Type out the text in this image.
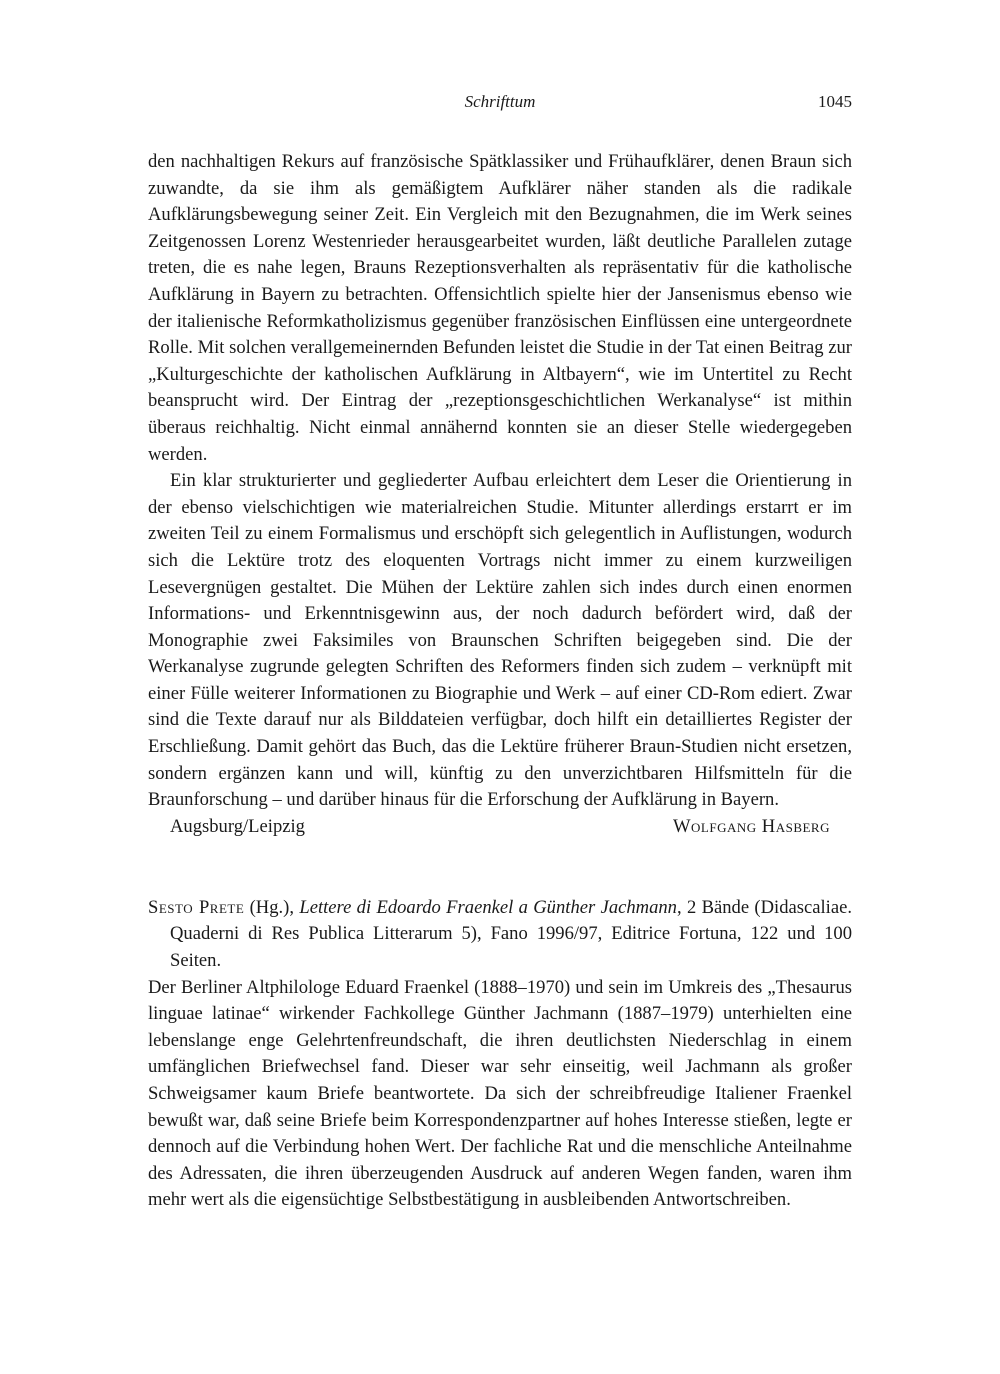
Schrifttum	1045

den nachhaltigen Rekurs auf französische Spätklassiker und Frühaufklärer, denen Braun sich zuwandte, da sie ihm als gemäßigtem Aufklärer näher standen als die radikale Aufklärungsbewegung seiner Zeit. Ein Vergleich mit den Bezugnahmen, die im Werk seines Zeitgenossen Lorenz Westenrieder herausgearbeitet wurden, läßt deutliche Parallelen zutage treten, die es nahe legen, Brauns Rezeptionsverhalten als repräsentativ für die katholische Aufklärung in Bayern zu betrachten. Offensichtlich spielte hier der Jansenismus ebenso wie der italienische Reformkatholizismus gegenüber französischen Einflüssen eine untergeordnete Rolle. Mit solchen verallgemeinernden Befunden leistet die Studie in der Tat einen Beitrag zur „Kulturgeschichte der katholischen Aufklärung in Altbayern“, wie im Untertitel zu Recht beansprucht wird. Der Eintrag der „rezeptionsgeschichtlichen Werkanalyse“ ist mithin überaus reichhaltig. Nicht einmal annähernd konnten sie an dieser Stelle wiedergegeben werden.

Ein klar strukturierter und gegliederter Aufbau erleichtert dem Leser die Orientierung in der ebenso vielschichtigen wie materialreichen Studie. Mitunter allerdings erstarrt er im zweiten Teil zu einem Formalismus und erschöpft sich gelegentlich in Auflistungen, wodurch sich die Lektüre trotz des eloquenten Vortrags nicht immer zu einem kurzweiligen Lesevergnügen gestaltet. Die Mühen der Lektüre zahlen sich indes durch einen enormen Informations- und Erkenntnisgewinn aus, der noch dadurch befördert wird, daß der Monographie zwei Faksimiles von Braunschen Schriften beigegeben sind. Die der Werkanalyse zugrunde gelegten Schriften des Reformers finden sich zudem – verknüpft mit einer Fülle weiterer Informationen zu Biographie und Werk – auf einer CD-Rom ediert. Zwar sind die Texte darauf nur als Bilddateien verfügbar, doch hilft ein detailliertes Register der Erschließung. Damit gehört das Buch, das die Lektüre früherer Braun-Studien nicht ersetzen, sondern ergänzen kann und will, künftig zu den unverzichtbaren Hilfsmitteln für die Braunforschung – und darüber hinaus für die Erforschung der Aufklärung in Bayern.

Augsburg/Leipzig	Wolfgang Hasberg

Sesto Prete (Hg.), Lettere di Edoardo Fraenkel a Günther Jachmann, 2 Bände (Didascaliae. Quaderni di Res Publica Litterarum 5), Fano 1996/97, Editrice Fortuna, 122 und 100 Seiten.

Der Berliner Altphilologe Eduard Fraenkel (1888–1970) und sein im Umkreis des „Thesaurus linguae latinae“ wirkender Fachkollege Günther Jachmann (1887–1979) unterhielten eine lebenslange enge Gelehrtenfreundschaft, die ihren deutlichsten Niederschlag in einem umfänglichen Briefwechsel fand. Dieser war sehr einseitig, weil Jachmann als großer Schweigsamer kaum Briefe beantwortete. Da sich der schreibfreudige Italiener Fraenkel bewußt war, daß seine Briefe beim Korrespondenzpartner auf hohes Interesse stießen, legte er dennoch auf die Verbindung hohen Wert. Der fachliche Rat und die menschliche Anteilnahme des Adressaten, die ihren überzeugenden Ausdruck auf anderen Wegen fanden, waren ihm mehr wert als die eigensüchtige Selbstbestätigung in ausbleibenden Antwortschreiben.
